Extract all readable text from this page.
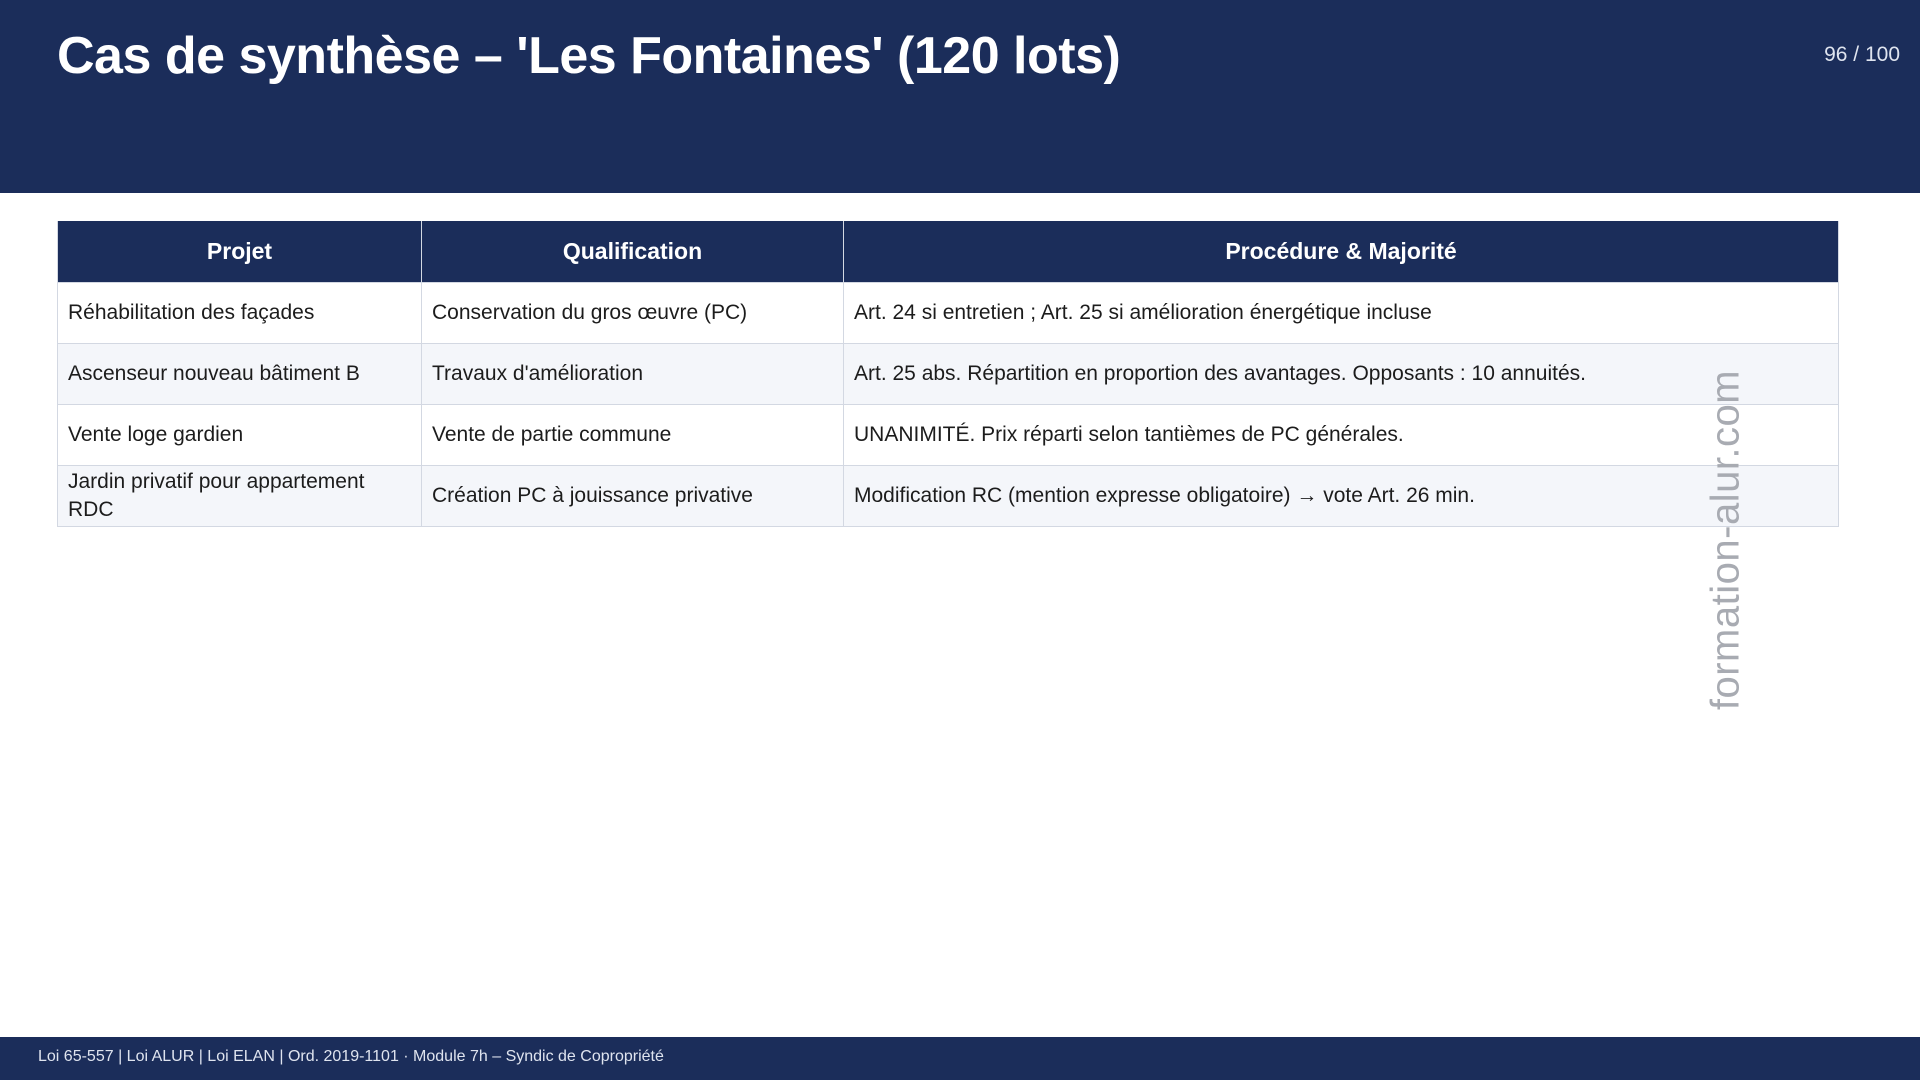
Cas de synthèse – 'Les Fontaines' (120 lots)	96 / 100
Projet	Qualification	Procédure & Majorité
Réhabilitation des façades	Conservation du gros œuvre (PC)	Art. 24 si entretien ; Art. 25 si amélioration énergétique incluse
Ascenseur nouveau bâtiment B	Travaux d'amélioration	Art. 25 abs. Répartition en proportion des avantages. Opposants : 10 annuités.
Vente loge gardien	Vente de partie commune	UNANIMITÉ. Prix réparti selon tantièmes de PC générales.
Jardin privatif pour appartement RDC	Création PC à jouissance privative	Modification RC (mention expresse obligatoire) → vote Art. 26 min.	formation-alur.com
Loi 65-557 | Loi ALUR | Loi ELAN | Ord. 2019-1101 · Module 7h – Syndic de Copropriété
